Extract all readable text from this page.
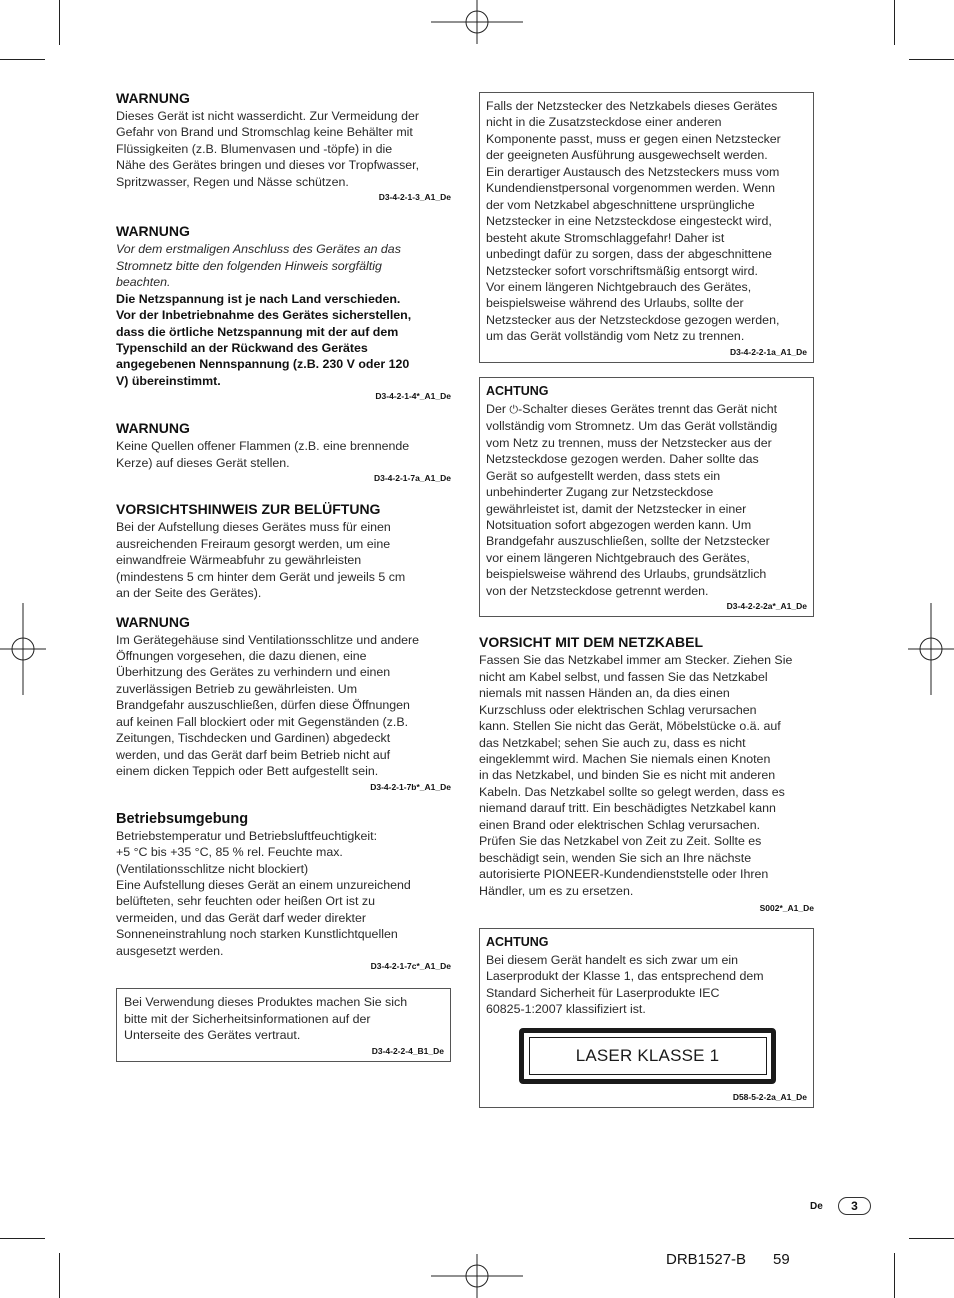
WARNUNG
Dieses Gerät ist nicht wasserdicht. Zur Vermeidung der
Gefahr von Brand und Stromschlag keine Behälter mit
Flüssigkeiten (z.B. Blumenvasen und -töpfe) in die
Nähe des Gerätes bringen und dieses vor Tropfwasser,
Spritzwasser, Regen und Nässe schützen.
D3-4-2-1-3_A1_De
WARNUNG
Vor dem erstmaligen Anschluss des Gerätes an das
Stromnetz bitte den folgenden Hinweis sorgfältig
beachten.
Die Netzspannung ist je nach Land verschieden.
Vor der Inbetriebnahme des Gerätes sicherstellen,
dass die örtliche Netzspannung mit der auf dem
Typenschild an der Rückwand des Gerätes
angegebenen Nennspannung (z.B. 230 V oder 120
V) übereinstimmt.
D3-4-2-1-4*_A1_De
WARNUNG
Keine Quellen offener Flammen (z.B. eine brennende
Kerze) auf dieses Gerät stellen.
D3-4-2-1-7a_A1_De
VORSICHTSHINWEIS ZUR BELÜFTUNG
Bei der Aufstellung dieses Gerätes muss für einen
ausreichenden Freiraum gesorgt werden, um eine
einwandfreie Wärmeabfuhr zu gewährleisten
(mindestens 5 cm hinter dem Gerät und jeweils 5 cm
an der Seite des Gerätes).
WARNUNG
Im Gerätegehäuse sind Ventilationsschlitze und andere
Öffnungen vorgesehen, die dazu dienen, eine
Überhitzung des Gerätes zu verhindern und einen
zuverlässigen Betrieb zu gewährleisten. Um
Brandgefahr auszuschließen, dürfen diese Öffnungen
auf keinen Fall blockiert oder mit Gegenständen (z.B.
Zeitungen, Tischdecken und Gardinen) abgedeckt
werden, und das Gerät darf beim Betrieb nicht auf
einem dicken Teppich oder Bett aufgestellt sein.
D3-4-2-1-7b*_A1_De
Betriebsumgebung
Betriebstemperatur und Betriebsluftfeuchtigkeit:
+5 °C bis +35 °C, 85 % rel. Feuchte max.
(Ventilationsschlitze nicht blockiert)
Eine Aufstellung dieses Gerät an einem unzureichend
belüfteten, sehr feuchten oder heißen Ort ist zu
vermeiden, und das Gerät darf weder direkter
Sonneneinstrahlung noch starken Kunstlichtquellen
ausgesetzt werden.
D3-4-2-1-7c*_A1_De
Bei Verwendung dieses Produktes machen Sie sich
bitte mit der Sicherheitsinformationen auf der
Unterseite des Gerätes vertraut.
D3-4-2-2-4_B1_De
Falls der Netzstecker des Netzkabels dieses Gerätes
nicht in die Zusatzsteckdose einer anderen
Komponente passt, muss er gegen einen Netzstecker
der geeigneten Ausführung ausgewechselt werden.
Ein derartiger Austausch des Netzsteckers muss vom
Kundendienstpersonal vorgenommen werden. Wenn
der vom Netzkabel abgeschnittene ursprüngliche
Netzstecker in eine Netzsteckdose eingesteckt wird,
besteht akute Stromschlaggefahr! Daher ist
unbedingt dafür zu sorgen, dass der abgeschnittene
Netzstecker sofort vorschriftsmäßig entsorgt wird.
Vor einem längeren Nichtgebrauch des Gerätes,
beispielsweise während des Urlaubs, sollte der
Netzstecker aus der Netzsteckdose gezogen werden,
um das Gerät vollständig vom Netz zu trennen.
D3-4-2-2-1a_A1_De
ACHTUNG
Der ⏻-Schalter dieses Gerätes trennt das Gerät nicht
vollständig vom Stromnetz. Um das Gerät vollständig
vom Netz zu trennen, muss der Netzstecker aus der
Netzsteckdose gezogen werden. Daher sollte das
Gerät so aufgestellt werden, dass stets ein
unbehinderter Zugang zur Netzsteckdose
gewährleistet ist, damit der Netzstecker in einer
Notsituation sofort abgezogen werden kann. Um
Brandgefahr auszuschließen, sollte der Netzstecker
vor einem längeren Nichtgebrauch des Gerätes,
beispielsweise während des Urlaubs, grundsätzlich
von der Netzsteckdose getrennt werden.
D3-4-2-2-2a*_A1_De
VORSICHT MIT DEM NETZKABEL
Fassen Sie das Netzkabel immer am Stecker. Ziehen Sie
nicht am Kabel selbst, und fassen Sie das Netzkabel
niemals mit nassen Händen an, da dies einen
Kurzschluss oder elektrischen Schlag verursachen
kann. Stellen Sie nicht das Gerät, Möbelstücke o.ä. auf
das Netzkabel; sehen Sie auch zu, dass es nicht
eingeklemmt wird. Machen Sie niemals einen Knoten
in das Netzkabel, und binden Sie es nicht mit anderen
Kabeln. Das Netzkabel sollte so gelegt werden, dass es
niemand darauf tritt. Ein beschädigtes Netzkabel kann
einen Brand oder elektrischen Schlag verursachen.
Prüfen Sie das Netzkabel von Zeit zu Zeit. Sollte es
beschädigt sein, wenden Sie sich an Ihre nächste
autorisierte PIONEER-Kundendienststelle oder Ihren
Händler, um es zu ersetzen.
S002*_A1_De
ACHTUNG
Bei diesem Gerät handelt es sich zwar um ein
Laserprodukt der Klasse 1, das entsprechend dem
Standard Sicherheit für Laserprodukte IEC
60825-1:2007 klassifiziert ist.
LASER KLASSE 1
D58-5-2-2a_A1_De
De 3
DRB1527-B 59
